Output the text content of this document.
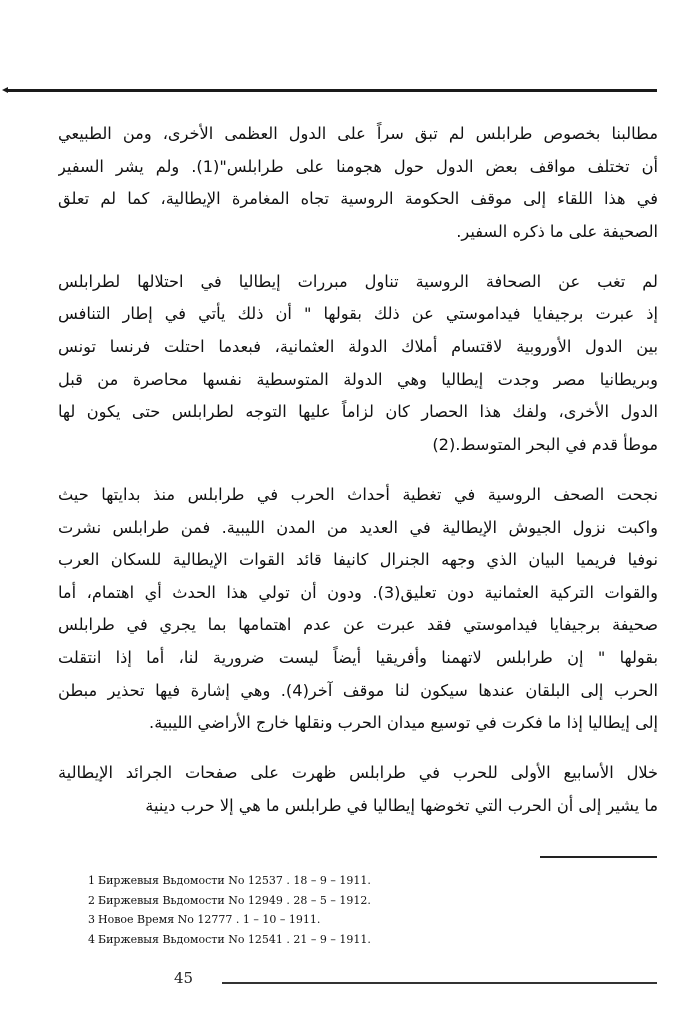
مطالبنا بخصوص طرابلس لم تبق سراً على الدول العظمى الأخرى، ومن الطبيعي
أن تختلف مواقف بعض الدول حول هجومنا على طرابلس"(1). ولم يشر السفير
في هذا اللقاء إلى موقف الحكومة الروسية تجاه المغامرة الإيطالية، كما لم تعلق
الصحيفة على ما ذكره السفير.

لم تغب عن الصحافة الروسية تناول مبررات إيطاليا في احتلالها لطرابلس
إذ عبرت برجيفايا فيداموستي عن ذلك بقولها " أن ذلك يأتي في إطار التنافس
بين الدول الأوروبية لاقتسام أملاك الدولة العثمانية، فبعدما احتلت فرنسا تونس
وبريطانيا مصر وجدت إيطاليا وهي الدولة المتوسطية نفسها محاصرة من قبل
الدول الأخرى، ولفك هذا الحصار كان لزاماً عليها التوجه لطرابلس حتى يكون لها
موطأ قدم في البحر المتوسط.(2)

نجحت الصحف الروسية في تغطية أحداث الحرب في طرابلس منذ بدايتها حيث
واكبت نزول الجيوش الإيطالية في العديد من المدن الليبية. فمن طرابلس نشرت
نوفيا فريميا البيان الذي وجهه الجنرال كانيفا قائد القوات الإيطالية للسكان العرب
والقوات التركية العثمانية دون تعليق(3). ودون أن تولي هذا الحدث أي اهتمام، أما
صحيفة برجيفايا فيداموستي فقد عبرت عن عدم اهتمامها بما يجري في طرابلس
بقولها " إن طرابلس لاتهمنا وأفريقيا أيضاً ليست ضرورية لنا، أما إذا انتقلت
الحرب إلى البلقان عندها سيكون لنا موقف آخر(4). وهي إشارة فيها تحذير مبطن
إلى إيطاليا إذا ما فكرت في توسيع ميدان الحرب ونقلها خارج الأراضي الليبية.

خلال الأسابيع الأولى للحرب في طرابلس ظهرت على صفحات الجرائد الإيطالية
ما يشير إلى أن الحرب التي تخوضها إيطاليا في طرابلس ما هي إلا حرب دينية

1 Биржевыя Вьдомости No 12537 . 18 – 9 – 1911.
2 Биржевыя Вьдомости No 12949 . 28 – 5 – 1912.
3 Новое Время No 12777 . 1 – 10 – 1911.
4 Биржевыя Вьдомости No 12541 . 21 – 9 – 1911.
45
